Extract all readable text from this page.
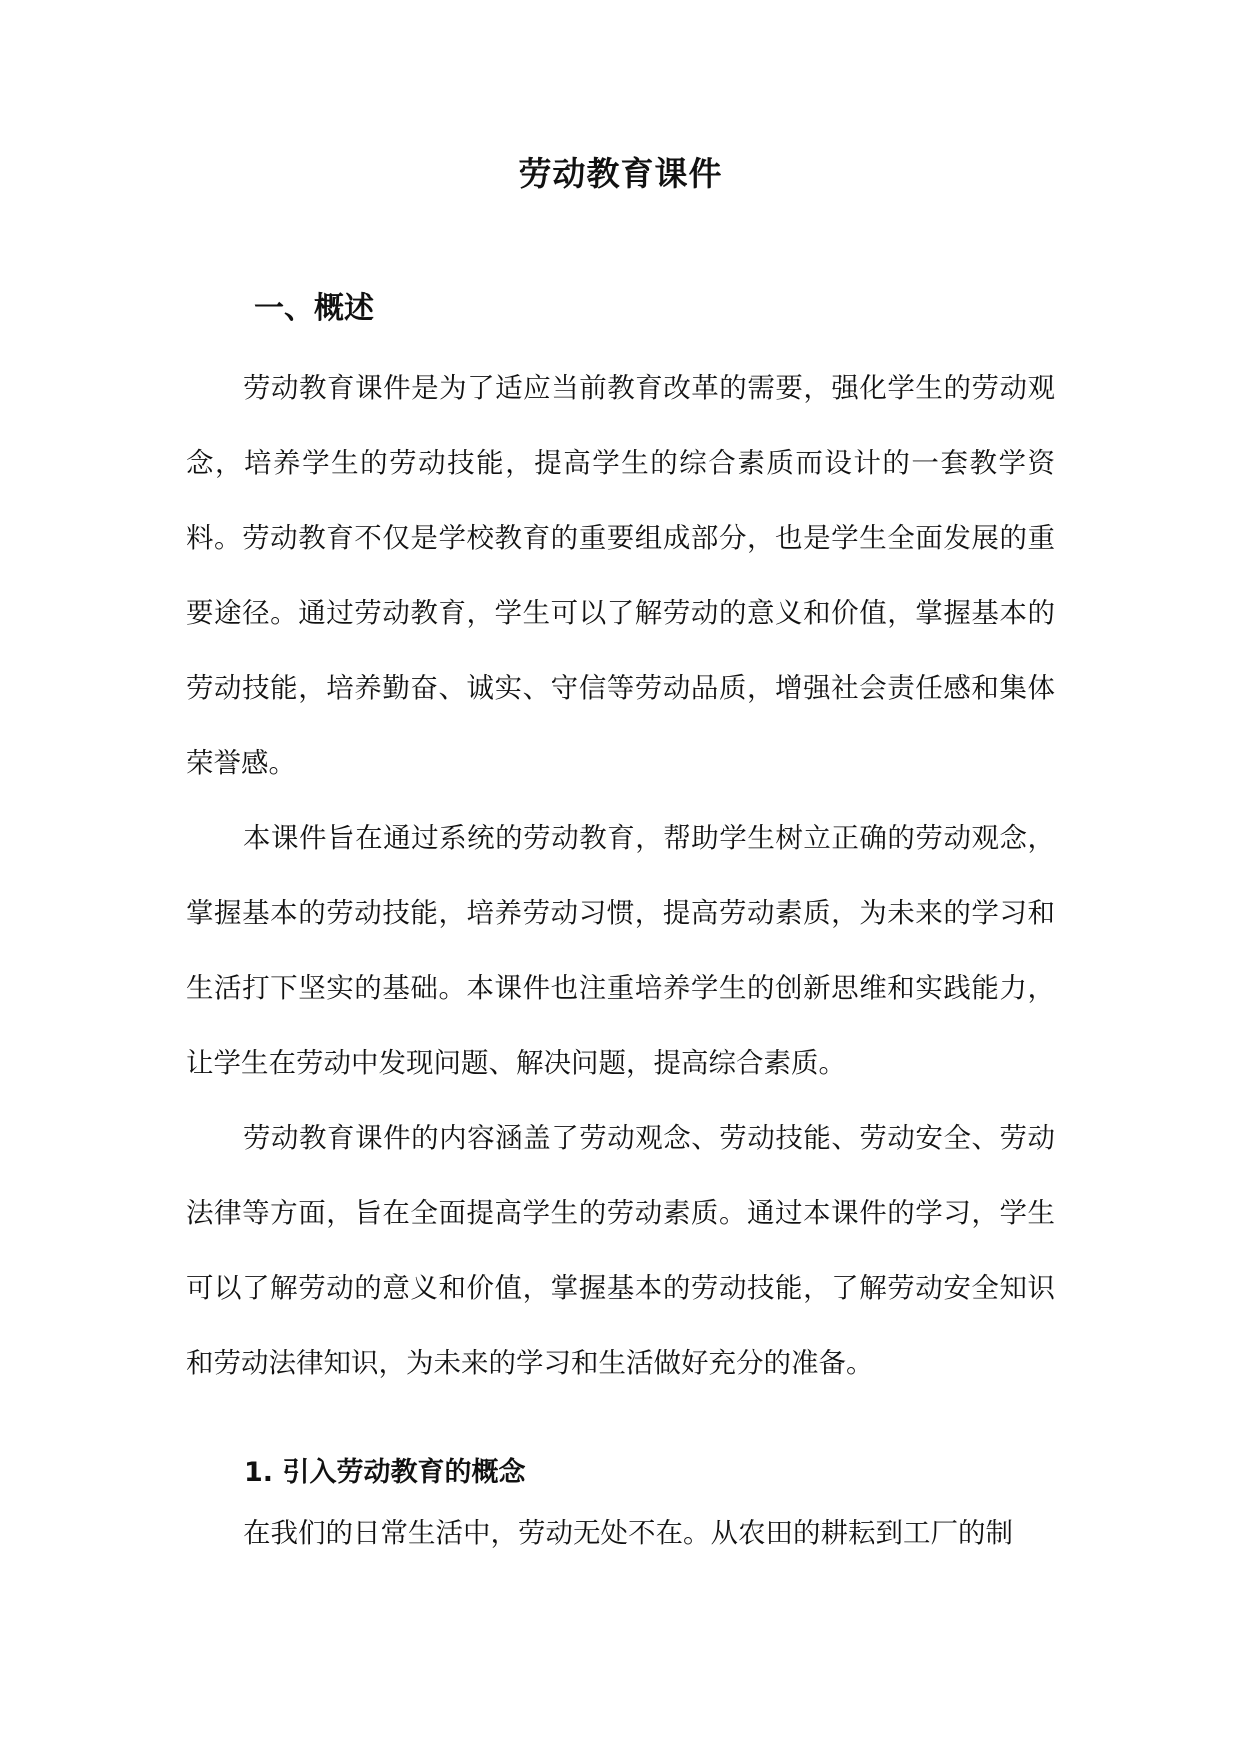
劳动教育课件
一、概述

劳动教育课件是为了适应当前教育改革的需要，强化学生的劳动观念，培养学生的劳动技能，提高学生的综合素质而设计的一套教学资料。劳动教育不仅是学校教育的重要组成部分，也是学生全面发展的重要途径。通过劳动教育，学生可以了解劳动的意义和价值，掌握基本的劳动技能，培养勤奋、诚实、守信等劳动品质，增强社会责任感和集体荣誉感。

本课件旨在通过系统的劳动教育，帮助学生树立正确的劳动观念，掌握基本的劳动技能，培养劳动习惯，提高劳动素质，为未来的学习和生活打下坚实的基础。本课件也注重培养学生的创新思维和实践能力，让学生在劳动中发现问题、解决问题，提高综合素质。

劳动教育课件的内容涵盖了劳动观念、劳动技能、劳动安全、劳动法律等方面，旨在全面提高学生的劳动素质。通过本课件的学习，学生可以了解劳动的意义和价值，掌握基本的劳动技能，了解劳动安全知识和劳动法律知识，为未来的学习和生活做好充分的准备。

1. 引入劳动教育的概念

在我们的日常生活中，劳动无处不在。从农田的耕耘到工厂的制
